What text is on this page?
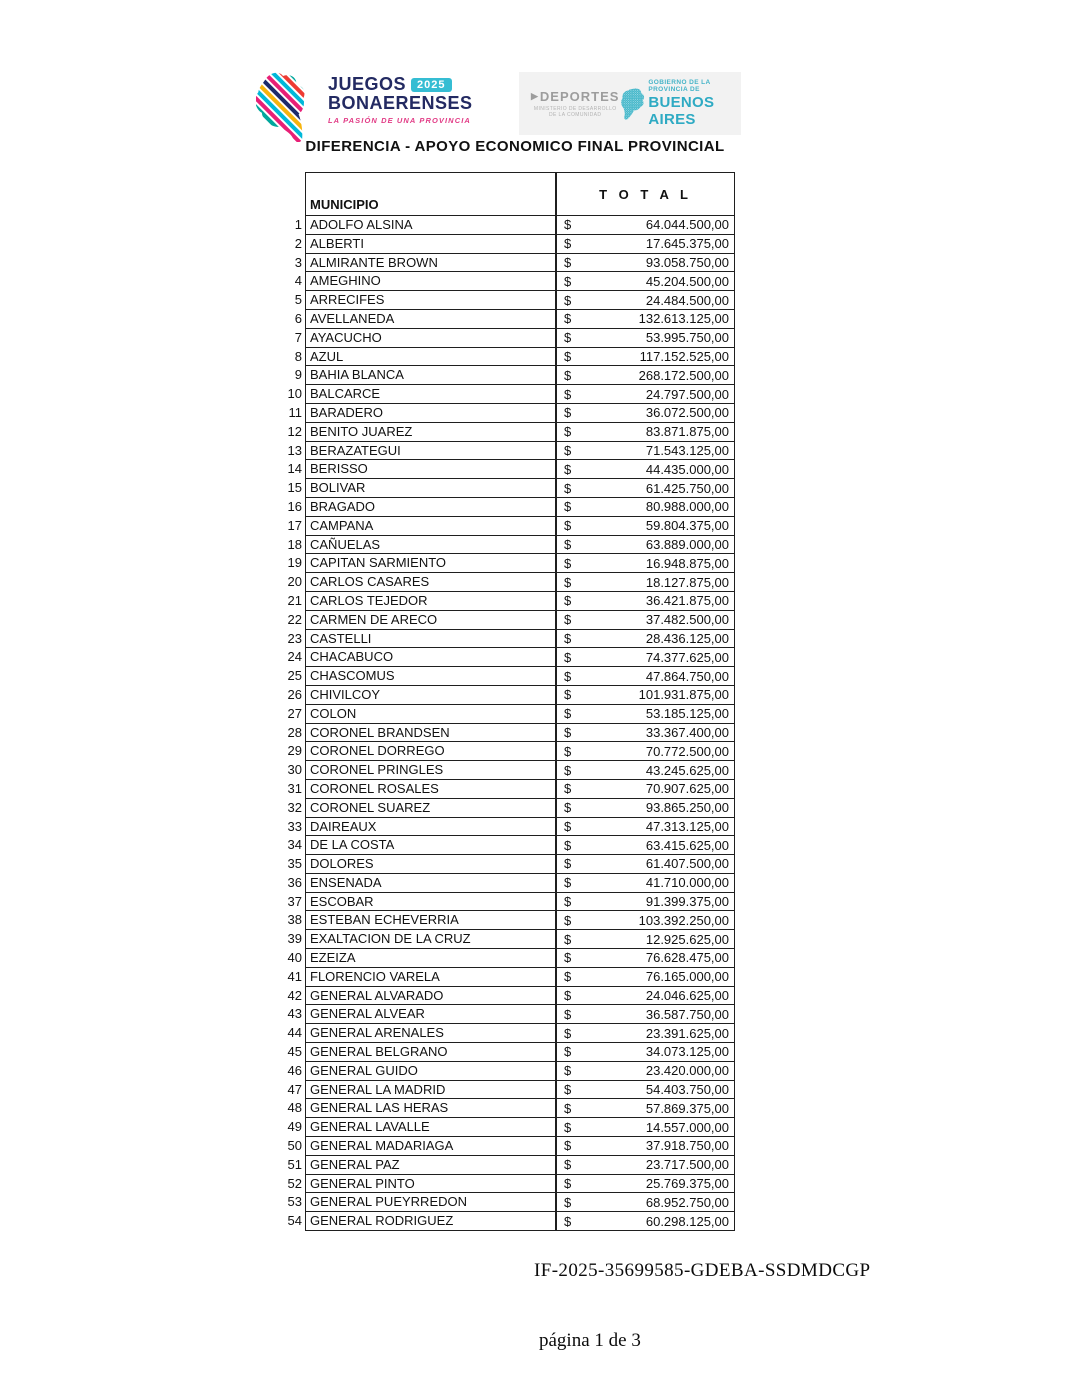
JUEGOS	2025
BONAERENSES
LA PASIÓN DE UNA PROVINCIA
▶ DEPORTES
MINISTERIO DE DESARROLLO
DE LA COMUNIDAD
GOBIERNO DE LA PROVINCIA DE
BUENOS AIRES
DIFERENCIA - APOYO ECONOMICO FINAL PROVINCIAL
MUNICIPIO
T O T A L
1 ADOLFO ALSINA	$	64.044.500,00
2 ALBERTI	$	17.645.375,00
3 ALMIRANTE BROWN	$	93.058.750,00
4 AMEGHINO	$	45.204.500,00
5 ARRECIFES	$	24.484.500,00
6 AVELLANEDA	$	132.613.125,00
7 AYACUCHO	$	53.995.750,00
8 AZUL	$	117.152.525,00
9 BAHIA BLANCA	$	268.172.500,00
10 BALCARCE	$	24.797.500,00
11 BARADERO	$	36.072.500,00
12 BENITO JUAREZ	$	83.871.875,00
13 BERAZATEGUI	$	71.543.125,00
14 BERISSO	$	44.435.000,00
15 BOLIVAR	$	61.425.750,00
16 BRAGADO	$	80.988.000,00
17 CAMPANA	$	59.804.375,00
18 CAÑUELAS	$	63.889.000,00
19 CAPITAN SARMIENTO	$	16.948.875,00
20 CARLOS CASARES	$	18.127.875,00
21 CARLOS TEJEDOR	$	36.421.875,00
22 CARMEN DE ARECO	$	37.482.500,00
23 CASTELLI	$	28.436.125,00
24 CHACABUCO	$	74.377.625,00
25 CHASCOMUS	$	47.864.750,00
26 CHIVILCOY	$	101.931.875,00
27 COLON	$	53.185.125,00
28 CORONEL BRANDSEN	$	33.367.400,00
29 CORONEL DORREGO	$	70.772.500,00
30 CORONEL PRINGLES	$	43.245.625,00
31 CORONEL ROSALES	$	70.907.625,00
32 CORONEL SUAREZ	$	93.865.250,00
33 DAIREAUX	$	47.313.125,00
34 DE LA COSTA	$	63.415.625,00
35 DOLORES	$	61.407.500,00
36 ENSENADA	$	41.710.000,00
37 ESCOBAR	$	91.399.375,00
38 ESTEBAN ECHEVERRIA	$	103.392.250,00
39 EXALTACION DE LA CRUZ	$	12.925.625,00
40 EZEIZA	$	76.628.475,00
41 FLORENCIO VARELA	$	76.165.000,00
42 GENERAL ALVARADO	$	24.046.625,00
43 GENERAL ALVEAR	$	36.587.750,00
44 GENERAL ARENALES	$	23.391.625,00
45 GENERAL BELGRANO	$	34.073.125,00
46 GENERAL GUIDO	$	23.420.000,00
47 GENERAL LA MADRID	$	54.403.750,00
48 GENERAL LAS HERAS	$	57.869.375,00
49 GENERAL LAVALLE	$	14.557.000,00
50 GENERAL MADARIAGA	$	37.918.750,00
51 GENERAL PAZ	$	23.717.500,00
52 GENERAL PINTO	$	25.769.375,00
53 GENERAL PUEYRREDON	$	68.952.750,00
54 GENERAL RODRIGUEZ	$	60.298.125,00
IF-2025-35699585-GDEBA-SSDMDCGP
página 1 de 3
